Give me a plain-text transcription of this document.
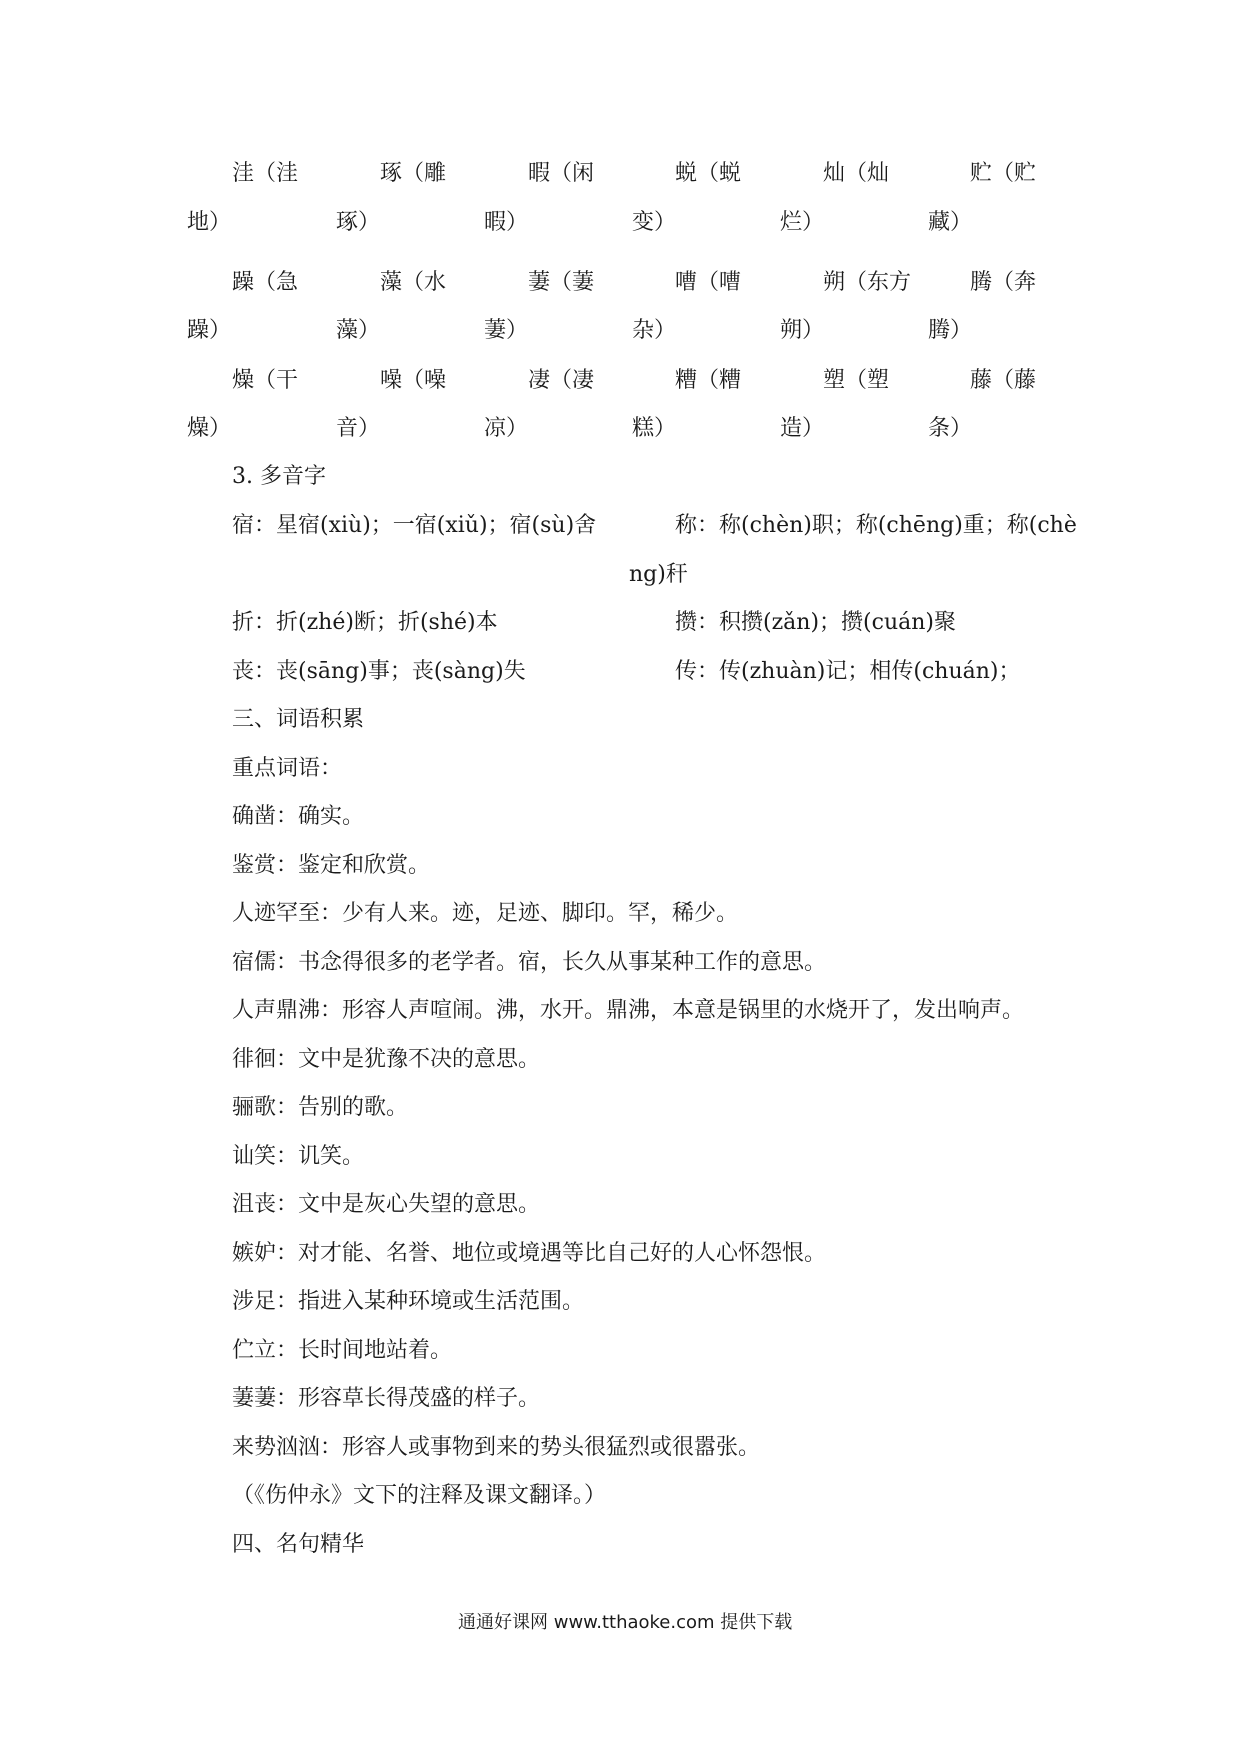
洼（洼	琢（雕	暇（闲	蜕（蜕	灿（灿	贮（贮
地）	琢）	暇）	变）	烂）	藏）
躁（急	藻（水	萋（萋	嘈（嘈	朔（东方	腾（奔
躁）	藻）	萋）	杂）	朔）	腾）
燥（干	噪（噪	凄（凄	糟（糟	塑（塑	藤（藤
燥）	音）	凉）	糕）	造）	条）
3. 多音字
宿：星宿(xiù)；一宿(xiǔ)；宿(sù)舍	称：称(chèn)职；称(chēng)重；称(chè
ng)秆
折：折(zhé)断；折(shé)本	攒：积攒(zǎn)；攒(cuán)聚
丧：丧(sāng)事；丧(sàng)失	传：传(zhuàn)记；相传(chuán)；
三、词语积累
重点词语：
确凿：确实。
鉴赏：鉴定和欣赏。
人迹罕至：少有人来。迹，足迹、脚印。罕，稀少。
宿儒：书念得很多的老学者。宿，长久从事某种工作的意思。
人声鼎沸：形容人声喧闹。沸，水开。鼎沸，本意是锅里的水烧开了，发出响声。
徘徊：文中是犹豫不决的意思。
骊歌：告别的歌。
讪笑：讥笑。
沮丧：文中是灰心失望的意思。
嫉妒：对才能、名誉、地位或境遇等比自己好的人心怀怨恨。
涉足：指进入某种环境或生活范围。
伫立：长时间地站着。
萋萋：形容草长得茂盛的样子。
来势汹汹：形容人或事物到来的势头很猛烈或很嚣张。
（《伤仲永》文下的注释及课文翻译。）
四、名句精华
通通好课网 www.tthaoke.com 提供下载
